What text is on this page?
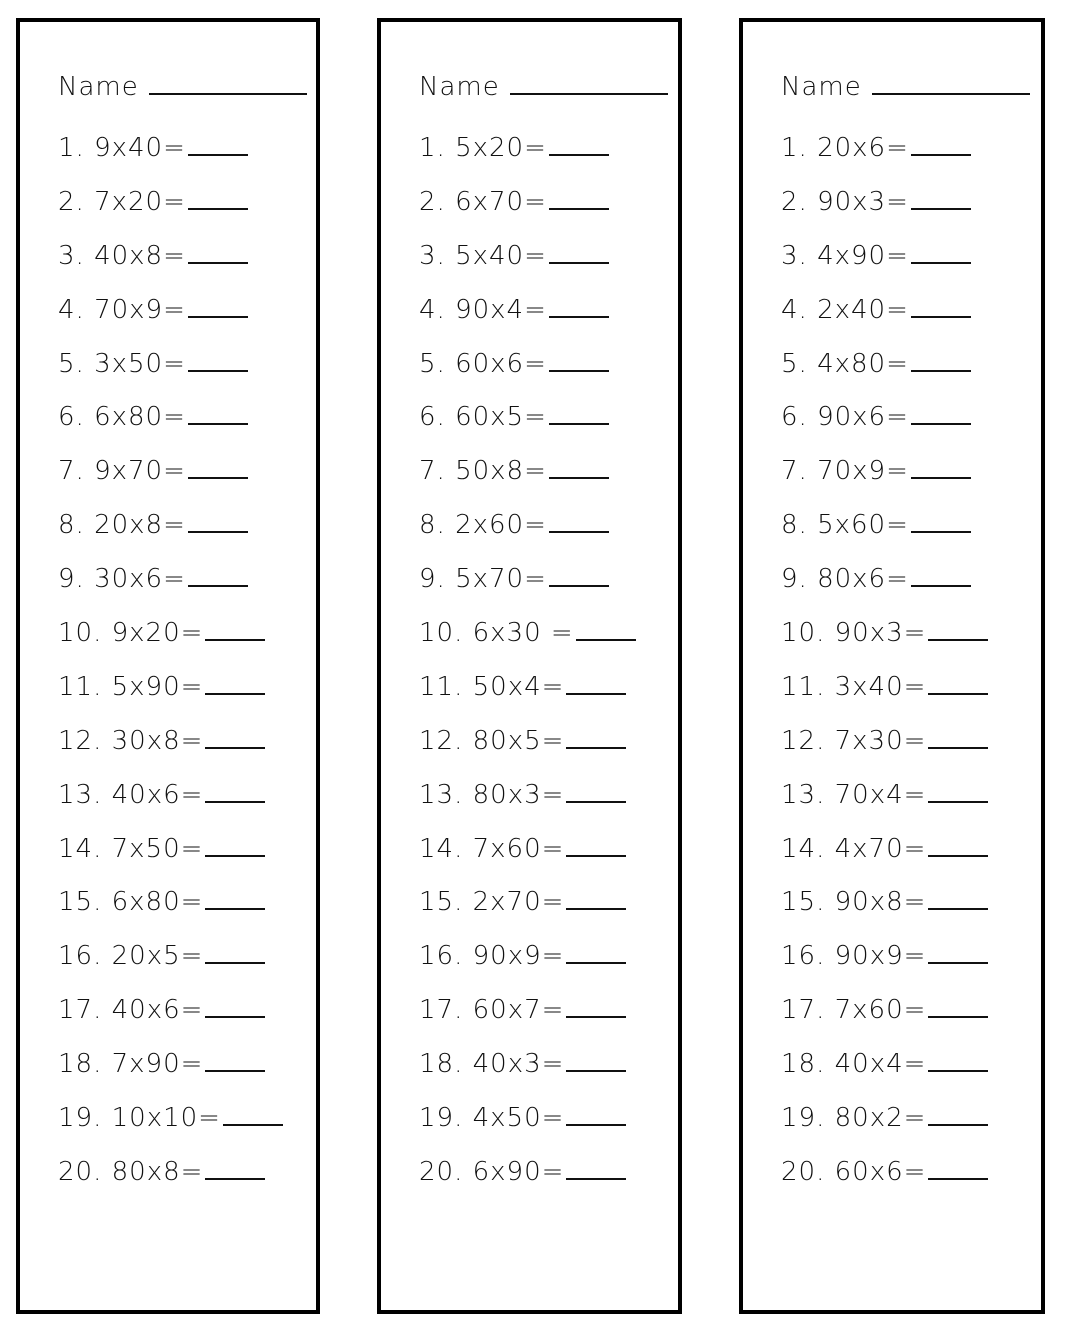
Name
1. 9x40=
2. 7x20=
3. 40x8=
4. 70x9=
5. 3x50=
6. 6x80=
7. 9x70=
8. 20x8=
9. 30x6=
10. 9x20=
11. 5x90=
12. 30x8=
13. 40x6=
14. 7x50=
15. 6x80=
16. 20x5=
17. 40x6=
18. 7x90=
19. 10x10=
20. 80x8=
Name
1. 5x20=
2. 6x70=
3. 5x40=
4. 90x4=
5. 60x6=
6. 60x5=
7. 50x8=
8. 2x60=
9. 5x70=
10. 6x30 =
11. 50x4=
12. 80x5=
13. 80x3=
14. 7x60=
15. 2x70=
16. 90x9=
17. 60x7=
18. 40x3=
19. 4x50=
20. 6x90=
Name
1. 20x6=
2. 90x3=
3. 4x90=
4. 2x40=
5. 4x80=
6. 90x6=
7. 70x9=
8. 5x60=
9. 80x6=
10. 90x3=
11. 3x40=
12. 7x30=
13. 70x4=
14. 4x70=
15. 90x8=
16. 90x9=
17. 7x60=
18. 40x4=
19. 80x2=
20. 60x6=
